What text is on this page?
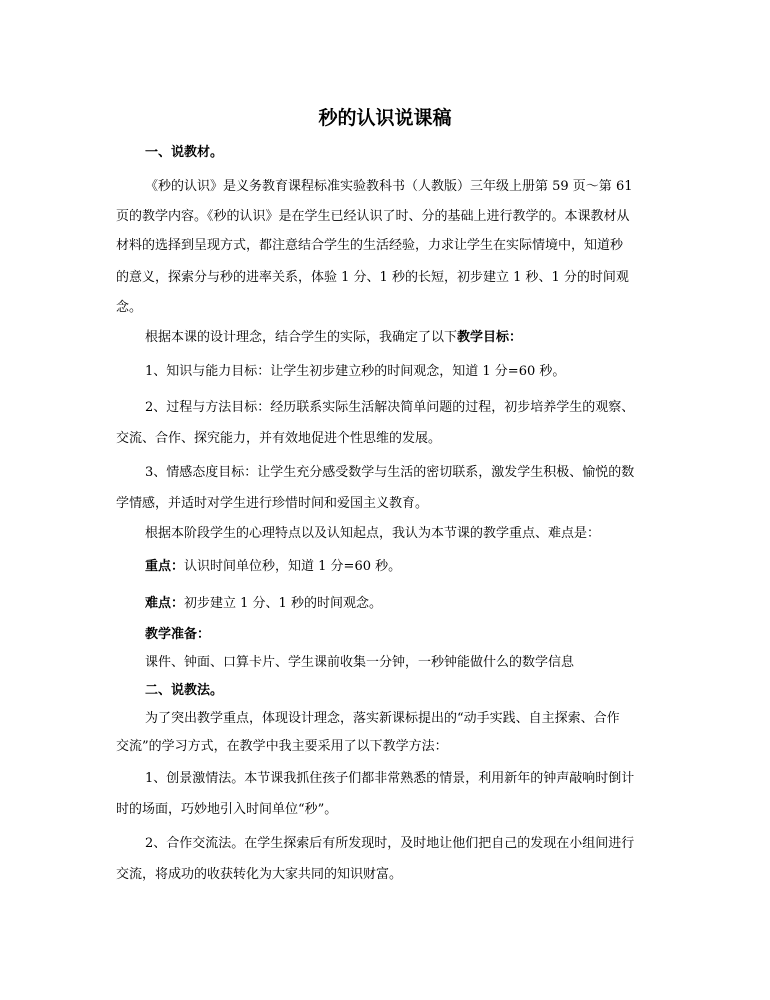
秒的认识说课稿
一、说教材。
《秒的认识》是义务教育课程标准实验教科书（人教版）三年级上册第 59 页～第 61
页的教学内容。《秒的认识》是在学生已经认识了时、分的基础上进行教学的。本课教材从
材料的选择到呈现方式，都注意结合学生的生活经验，力求让学生在实际情境中，知道秒
的意义，探索分与秒的进率关系，体验 1 分、1 秒的长短，初步建立 1 秒、1 分的时间观
念。
根据本课的设计理念，结合学生的实际，我确定了以下教学目标：
1、知识与能力目标：让学生初步建立秒的时间观念，知道 1 分=60 秒。
2、过程与方法目标：经历联系实际生活解决简单问题的过程，初步培养学生的观察、
交流、合作、探究能力，并有效地促进个性思维的发展。
3、情感态度目标：让学生充分感受数学与生活的密切联系，激发学生积极、愉悦的数
学情感，并适时对学生进行珍惜时间和爱国主义教育。
根据本阶段学生的心理特点以及认知起点，我认为本节课的教学重点、难点是：
重点：认识时间单位秒，知道 1 分=60 秒。
难点：初步建立 1 分、1 秒的时间观念。
教学准备：
课件、钟面、口算卡片、学生课前收集一分钟，一秒钟能做什么的数学信息
二、说教法。
为了突出教学重点，体现设计理念，落实新课标提出的“动手实践、自主探索、合作
交流”的学习方式，在教学中我主要采用了以下教学方法：
1、创景激情法。本节课我抓住孩子们都非常熟悉的情景，利用新年的钟声敲响时倒计
时的场面，巧妙地引入时间单位“秒”。
2、合作交流法。在学生探索后有所发现时，及时地让他们把自己的发现在小组间进行
交流，将成功的收获转化为大家共同的知识财富。
